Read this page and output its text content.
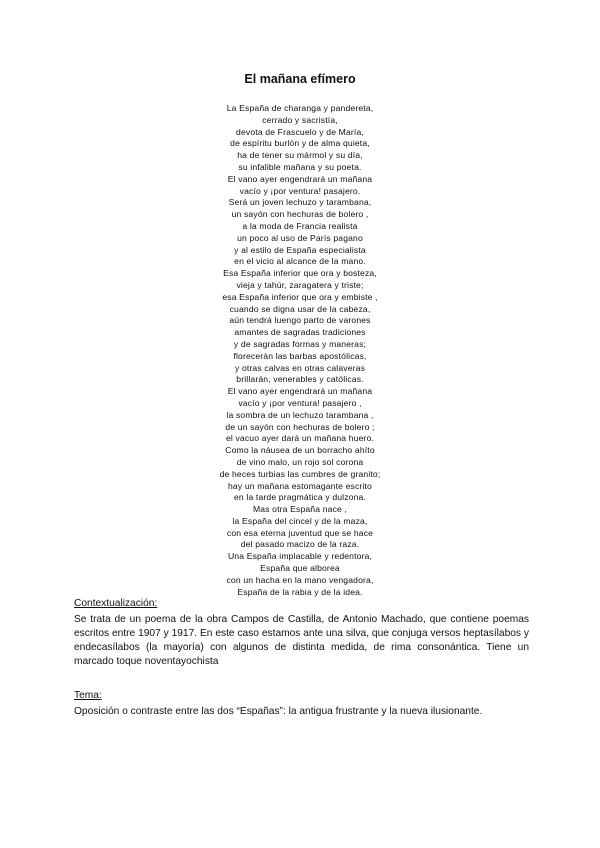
El mañana efímero
La España de charanga y pandereta,
cerrado y sacristía,
devota de Frascuelo y de María,
de espíritu burlón y de alma quieta,
ha de tener su mármol y su día,
su infalible mañana y su poeta.
El vano ayer engendrará un mañana
vacío y ¡por ventura! pasajero.
Será un joven lechuzo y tarambana,
un sayón con hechuras de bolero ,
a la moda de Francia realista
un poco al uso de París pagano
y al estilo de España especialista
en el vicio al alcance de la mano.
Esa España inferior que ora y bosteza,
vieja y tahúr, zaragatera y triste;
esa España inferior que ora y embiste ,
cuando se digna usar de la cabeza,
aún tendrá luengo parto de varones
amantes de sagradas tradiciones
y de sagradas formas y maneras;
florecerán las barbas apostólicas,
y otras calvas en otras calaveras
brillarán, venerables y católicas.
El vano ayer engendrará un mañana
vacío y ¡por ventura! pasajero ,
la sombra de un lechuzo tarambana ,
de un sayón con hechuras de bolero ;
el vacuo ayer dará un mañana huero.
Como la náusea de un borracho ahíto
de vino malo, un rojo sol corona
de heces turbias las cumbres de granito;
hay un mañana estomagante escrito
en la tarde pragmática y dulzona.
Mas otra España nace ,
la España del cincel y de la maza,
con esa eterna juventud que se hace
del pasado macizo de la raza.
Una España implacable y redentora,
España que alborea
con un hacha en la mano vengadora,
España de la rabia y de la idea.
Contextualización:
Se trata de un poema de la obra Campos de Castilla, de Antonio Machado, que contiene poemas escritos entre 1907 y 1917. En este caso estamos ante una silva, que conjuga versos heptasílabos y endecasílabos (la mayoría) con algunos de distinta medida, de rima consonántica. Tiene un marcado toque noventayochista
Tema:
Oposición o contraste entre las dos “Españas”: la antigua frustrante y la nueva ilusionante.
